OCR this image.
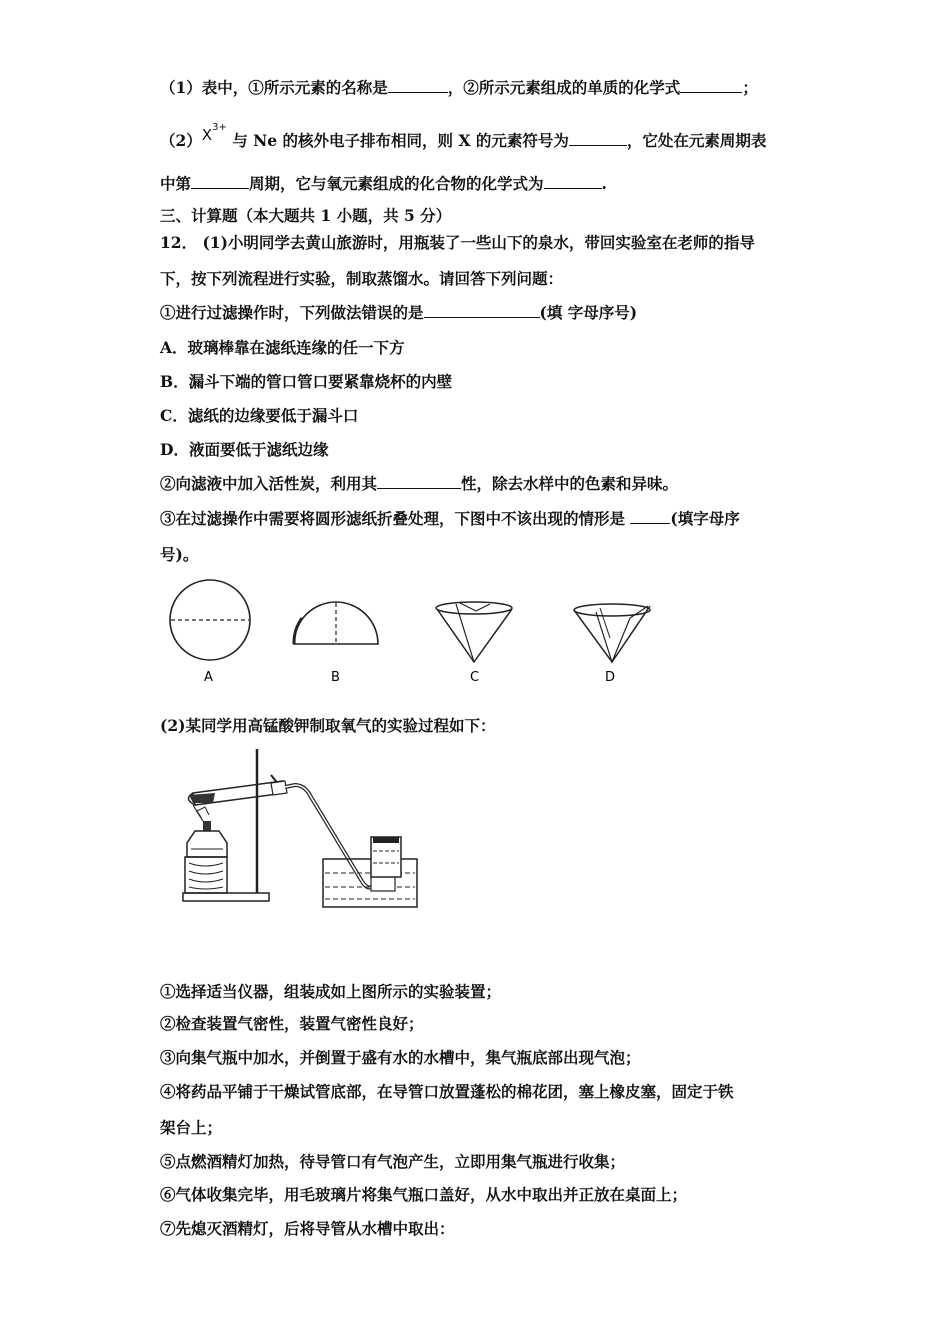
（1）表中，①所示元素的名称是	，②所示元素组成的单质的化学式	；
$(2)X^{3+}$ 与 Ne 的核外电子排布相同，则 X 的元素符号为	，它处在元素周期表
中第	周期，它与氧元素组成的化合物的化学式为	.
三、计算题（本大题共 1 小题，共 5 分）
12． (1)小明同学去黄山旅游时，用瓶装了一些山下的泉水，带回实验室在老师的指导
下，按下列流程进行实验，制取蒸馏水。请回答下列问题：
①进行过滤操作时，下列做法错误的是	(填 字母序号)
A．玻璃棒靠在滤纸连缘的任一下方
B．漏斗下端的管口管口要紧靠烧杯的内壁
C．滤纸的边缘要低于漏斗口
D．液面要低于滤纸边缘
②向滤液中加入活性炭，利用其	性，除去水样中的色素和异味。
③在过滤操作中需要将圆形滤纸折叠处理，下图中不该出现的情形是	(填字母序
号)。
A	B	C	D
(2)某同学用高锰酸钾制取氧气的实验过程如下：
①选择适当仪器，组装成如上图所示的实验装置；
②检查装置气密性，装置气密性良好；
③向集气瓶中加水，并倒置于盛有水的水槽中，集气瓶底部出现气泡；
④将药品平铺于干燥试管底部，在导管口放置蓬松的棉花团，塞上橡皮塞，固定于铁
架台上；
⑤点燃酒精灯加热，待导管口有气泡产生，立即用集气瓶进行收集；
⑥气体收集完毕，用毛玻璃片将集气瓶口盖好，从水中取出并正放在桌面上；
⑦先熄灭酒精灯，后将导管从水槽中取出：
